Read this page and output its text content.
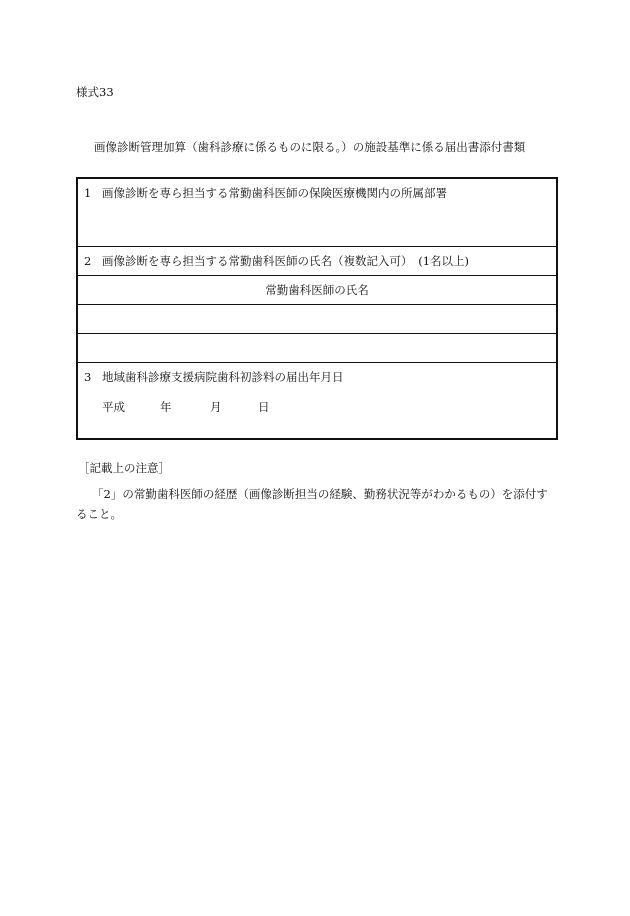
様式33
画像診断管理加算（歯科診療に係るものに限る。）の施設基準に係る届出書添付書類
1 画像診断を専ら担当する常勤歯科医師の保険医療機関内の所属部署
2 画像診断を専ら担当する常勤歯科医師の氏名（複数記入可）　(1名以上)
常勤歯科医師の氏名
3 地域歯科診療支援病院歯科初診料の届出年月日
平成	年	月	日
［記載上の注意］
「2」の常勤歯科医師の経歴（画像診断担当の経験、勤務状況等がわかるもの）を添付すること。
